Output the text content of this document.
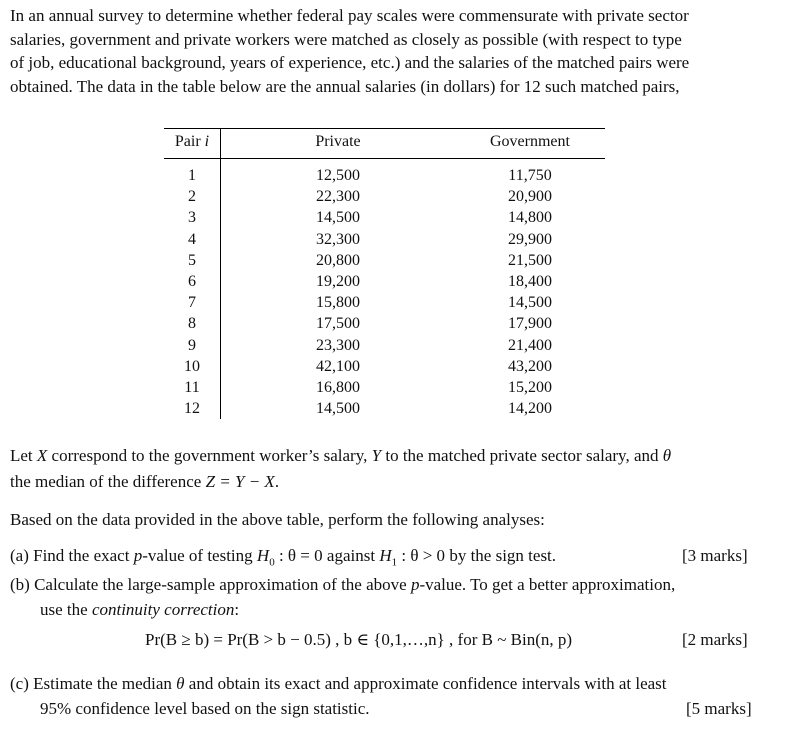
In an annual survey to determine whether federal pay scales were commensurate with private sector
salaries, government and private workers were matched as closely as possible (with respect to type
of job, educational background, years of experience, etc.) and the salaries of the matched pairs were
obtained. The data in the table below are the annual salaries (in dollars) for 12 such matched pairs,
Pair i	Private	Government
1	12,500	11,750
2	22,300	20,900
3	14,500	14,800
4	32,300	29,900
5	20,800	21,500
6	19,200	18,400
7	15,800	14,500
8	17,500	17,900
9	23,300	21,400
10	42,100	43,200
11	16,800	15,200
12	14,500	14,200
Let X correspond to the government worker’s salary, Y to the matched private sector salary, and θ
the median of the difference Z = Y − X.
Based on the data provided in the above table, perform the following analyses:
(a) Find the exact p-value of testing $H_0$ : θ = 0 against $H_1$ : θ > 0 by the sign test.	[3 marks]
(b) Calculate the large-sample approximation of the above p-value. To get a better approximation,
use the continuity correction:
Pr(B ≥ b) = Pr(B > b − 0.5) , b ∈ {0,1,…,n} , for B ~ Bin(n, p)	[2 marks]
(c) Estimate the median θ and obtain its exact and approximate confidence intervals with at least
95% confidence level based on the sign statistic.	[5 marks]
